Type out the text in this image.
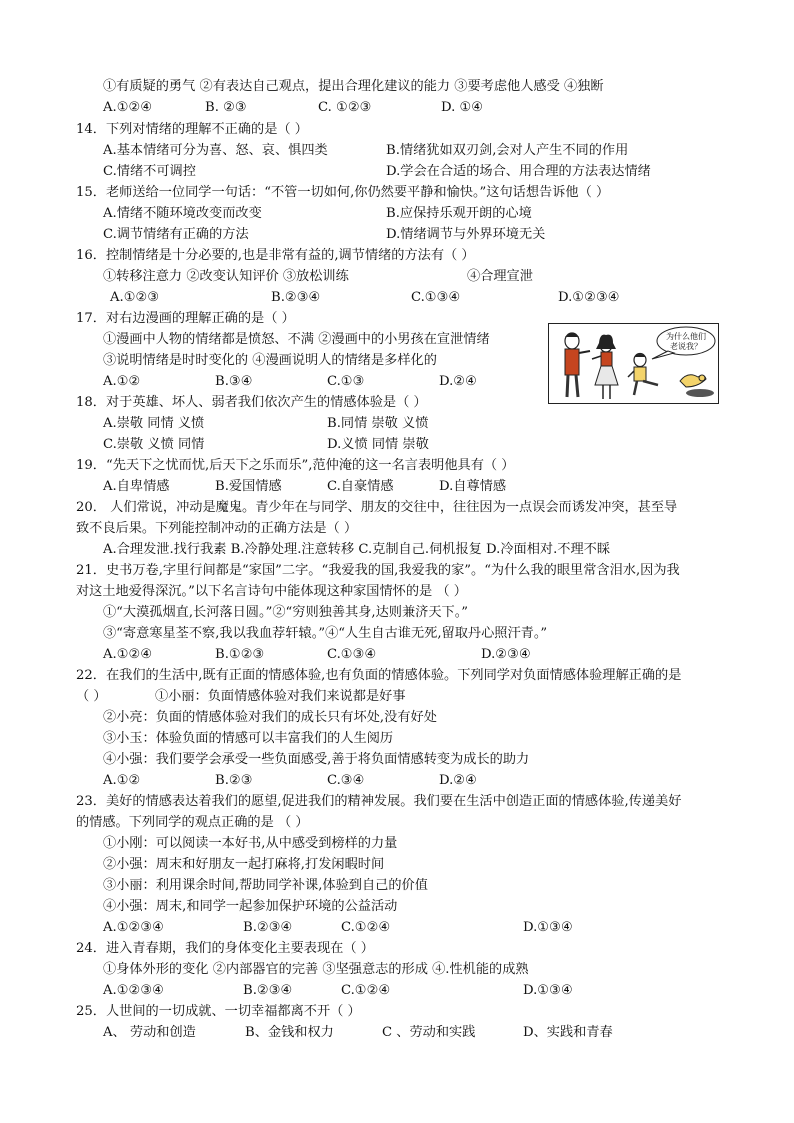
①有质疑的勇气 ②有表达自己观点，提出合理化建议的能力 ③要考虑他人感受 ④独断
A.①②④	B. ②③	C. ①②③	D. ①④
14．下列对情绪的理解不正确的是（ ）
A.基本情绪可分为喜、怒、哀、惧四类	B.情绪犹如双刃剑,会对人产生不同的作用
C.情绪不可调控	D.学会在合适的场合、用合理的方法表达情绪
15．老师送给一位同学一句话：“不管一切如何,你仍然要平静和愉快。”这句话想告诉他（ ）
A.情绪不随环境改变而改变	B.应保持乐观开朗的心境
C.调节情绪有正确的方法	D.情绪调节与外界环境无关
16．控制情绪是十分必要的,也是非常有益的,调节情绪的方法有（ ）
①转移注意力 ②改变认知评价 ③放松训练	④合理宣泄
A.①②③	B.②③④	C.①③④	D.①②③④
17．对右边漫画的理解正确的是（ ）
①漫画中人物的情绪都是愤怒、不满 ②漫画中的小男孩在宣泄情绪
③说明情绪是时时变化的 ④漫画说明人的情绪是多样化的
A.①②	B.③④	C.①③	D.②④
18．对于英雄、坏人、弱者我们依次产生的情感体验是（ ）
A.崇敬 同情 义愤	B.同情 崇敬 义愤
C.崇敬 义愤 同情	D.义愤 同情 崇敬
19．“先天下之忧而忧,后天下之乐而乐”,范仲淹的这一名言表明他具有（ ）
A.自卑情感	B.爱国情感	C.自豪情感	D.自尊情感
20． 人们常说，冲动是魔鬼。青少年在与同学、朋友的交往中，往往因为一点误会而诱发冲突，甚至导
致不良后果。下列能控制冲动的正确方法是（ ）
A.合理发泄.找行我素 B.冷静处理.注意转移 C.克制自己.伺机报复 D.冷面相对.不理不睬
21．史书万卷,字里行间都是“家国”二字。“我爱我的国,我爱我的家”。“为什么我的眼里常含泪水,因为我
对这土地爱得深沉。”以下名言诗句中能体现这种家国情怀的是 （ ）
①“大漠孤烟直,长河落日圆。”②“穷则独善其身,达则兼济天下。”
③“寄意寒星荃不察,我以我血荐轩辕。”④“人生自古谁无死,留取丹心照汗青。”
A.①②④	B.①②③	C.①③④	D.②③④
22．在我们的生活中,既有正面的情感体验,也有负面的情感体验。下列同学对负面情感体验理解正确的是
（ ）	①小丽：负面情感体验对我们来说都是好事
②小亮：负面的情感体验对我们的成长只有坏处,没有好处
③小玉：体验负面的情感可以丰富我们的人生阅历
④小强：我们要学会承受一些负面感受,善于将负面情感转变为成长的助力
A.①②	B.②③	C.③④	D.②④
23．美好的情感表达着我们的愿望,促进我们的精神发展。我们要在生活中创造正面的情感体验,传递美好
的情感。下列同学的观点正确的是 （ ）
①小刚：可以阅读一本好书,从中感受到榜样的力量
②小强：周末和好朋友一起打麻将,打发闲暇时间
③小丽：利用课余时间,帮助同学补课,体验到自己的价值
④小强：周末,和同学一起参加保护环境的公益活动
A.①②③④	B.②③④	C.①②④	D.①③④
24．进入青春期，我们的身体变化主要表现在（ ）
①身体外形的变化 ②内部器官的完善 ③坚强意志的形成 ④.性机能的成熟
A.①②③④	B.②③④	C.①②④	D.①③④
25．人世间的一切成就、一切幸福都离不开（ ）
A、 劳动和创造	B、金钱和权力	C 、劳动和实践	D、实践和青春
为什么他们
老说我？
